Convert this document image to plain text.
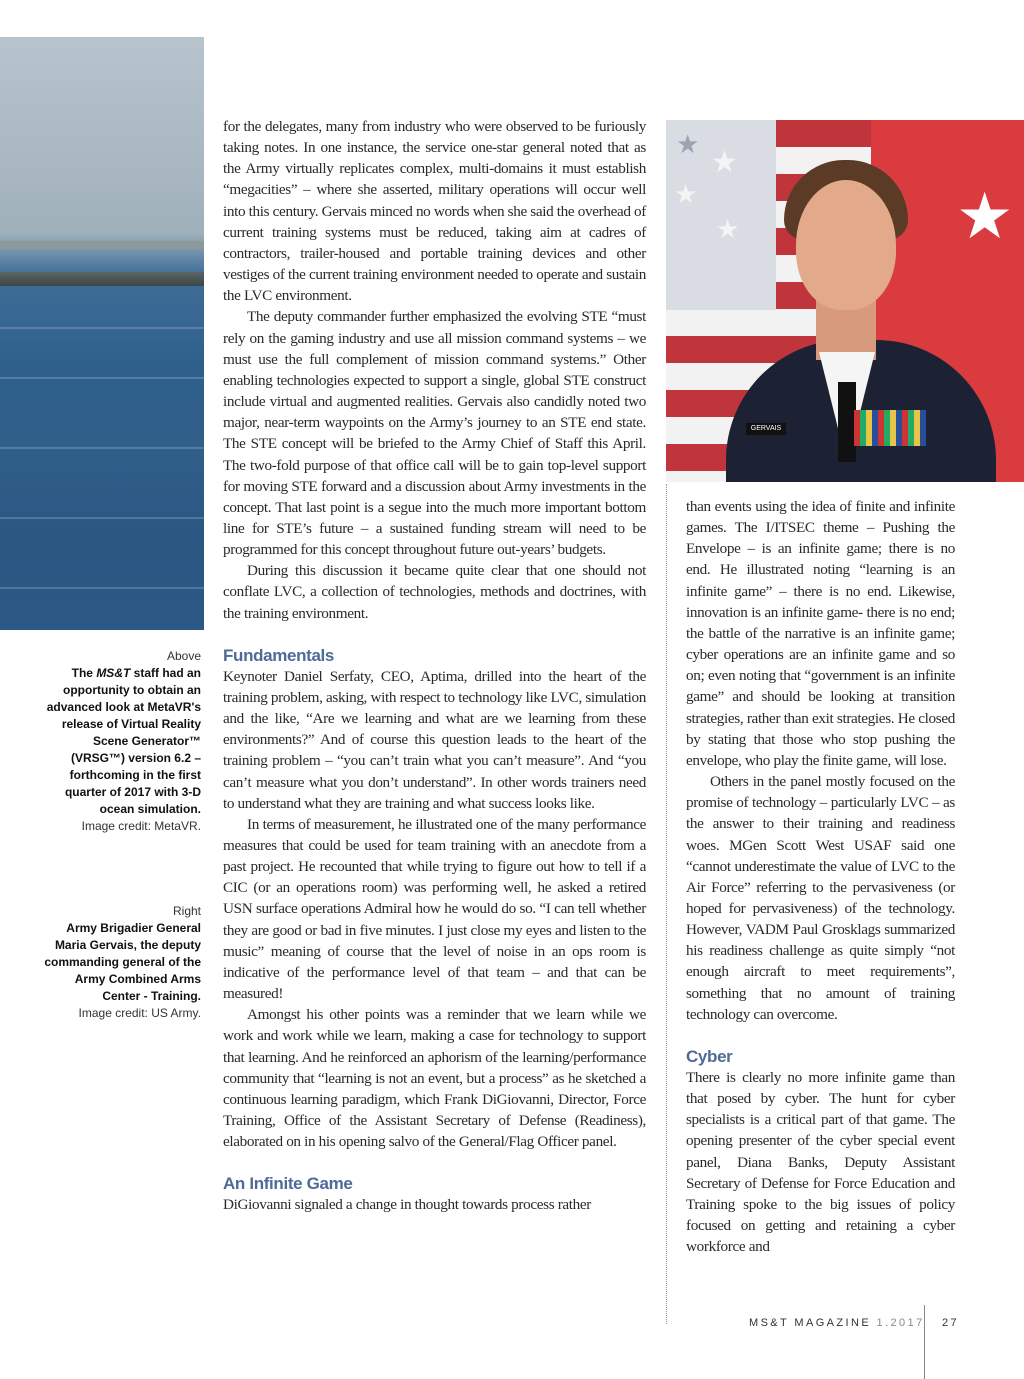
Above
The MS&T staff had an opportunity to obtain an advanced look at MetaVR's release of Virtual Reality Scene Generator™ (VRSG™) version 6.2 – forthcoming in the first quarter of 2017 with 3-D ocean simulation.
Image credit: MetaVR.
Right
Army Brigadier General Maria Gervais, the deputy commanding general of the Army Combined Arms Center - Training.
Image credit: US Army.

for the delegates, many from industry who were observed to be furiously taking notes. In one instance, the service one-star general noted that as the Army virtually replicates complex, multi-domains it must establish “megacities” – where she asserted, military operations will occur well into this century. Gervais minced no words when she said the overhead of current training systems must be reduced, taking aim at cadres of contractors, trailer-housed and portable training devices and other vestiges of the current training environment needed to operate and sustain the LVC environment.

The deputy commander further emphasized the evolving STE “must rely on the gaming industry and use all mission command systems – we must use the full complement of mission command systems.” Other enabling technologies expected to support a single, global STE construct include virtual and augmented realities. Gervais also candidly noted two major, near-term waypoints on the Army’s journey to an STE end state. The STE concept will be briefed to the Army Chief of Staff this April. The two-fold purpose of that office call will be to gain top-level support for moving STE forward and a discussion about Army investments in the concept. That last point is a segue into the much more important bottom line for STE’s future – a sustained funding stream will need to be programmed for this concept throughout future out-years’ budgets.

During this discussion it became quite clear that one should not conflate LVC, a collection of technologies, methods and doctrines, with the training environment.

Fundamentals

Keynoter Daniel Serfaty, CEO, Aptima, drilled into the heart of the training problem, asking, with respect to technology like LVC, simulation and the like, “Are we learning and what are we learning from these environments?” And of course this question leads to the heart of the training problem – “you can’t train what you can’t measure”. And “you can’t measure what you don’t understand”. In other words trainers need to understand what they are training and what success looks like.

In terms of measurement, he illustrated one of the many performance measures that could be used for team training with an anecdote from a past project. He recounted that while trying to figure out how to tell if a CIC (or an operations room) was performing well, he asked a retired USN surface operations Admiral how he would do so. “I can tell whether they are good or bad in five minutes. I just close my eyes and listen to the music” meaning of course that the level of noise in an ops room is indicative of the performance level of that team – and that can be measured!

Amongst his other points was a reminder that we learn while we work and work while we learn, making a case for technology to support that learning. And he reinforced an aphorism of the learning/performance community that “learning is not an event, but a process” as he sketched a continuous learning paradigm, which Frank DiGiovanni, Director, Force Training, Office of the Assistant Secretary of Defense (Readiness), elaborated on in his opening salvo of the General/Flag Officer panel.

An Infinite Game

DiGiovanni signaled a change in thought towards process rather

★
★ ★
★
★
GERVAIS

than events using the idea of finite and infinite games. The I/ITSEC theme – Pushing the Envelope – is an infinite game; there is no end. He illustrated noting “learning is an infinite game” – there is no end. Likewise, innovation is an infinite game- there is no end; the battle of the narrative is an infinite game; cyber operations are an infinite game and so on; even noting that “government is an infinite game” and should be looking at transition strategies, rather than exit strategies. He closed by stating that those who stop pushing the envelope, who play the finite game, will lose.

Others in the panel mostly focused on the promise of technology – particularly LVC – as the answer to their training and readiness woes. MGen Scott West USAF said one “cannot underestimate the value of LVC to the Air Force” referring to the pervasiveness (or hoped for pervasiveness) of the technology. However, VADM Paul Grosklags summarized his readiness challenge as quite simply “not enough aircraft to meet requirements”, something that no amount of training technology can overcome.

Cyber

There is clearly no more infinite game than that posed by cyber. The hunt for cyber specialists is a critical part of that game. The opening presenter of the cyber special event panel, Diana Banks, Deputy Assistant Secretary of Defense for Force Education and Training spoke to the big issues of policy focused on getting and retaining a cyber workforce and

MS&T MAGAZINE 1.2017 27
